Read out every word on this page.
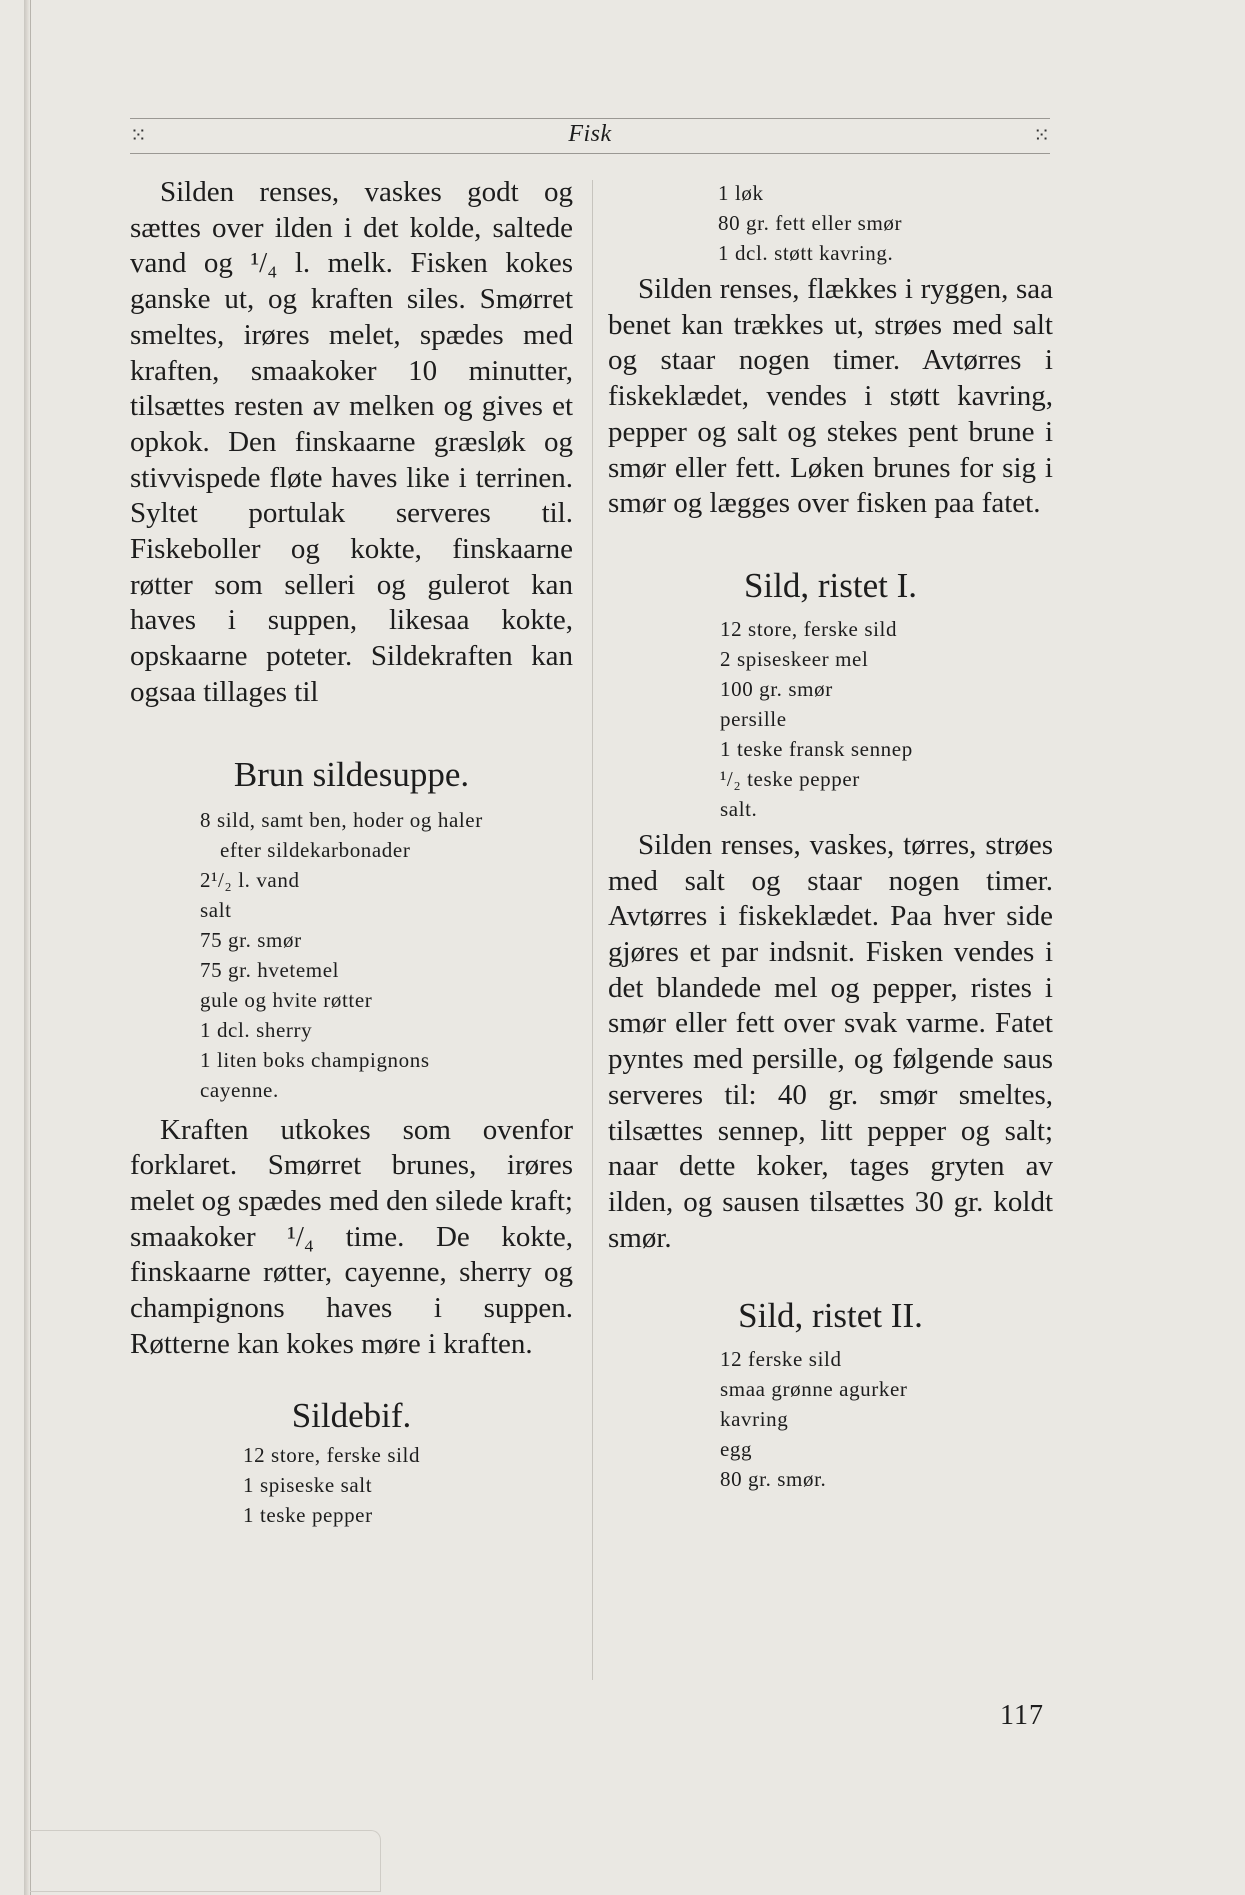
⁙	Fisk	⁙

Silden renses, vaskes godt og sættes over ilden i det kolde, saltede vand og ¹/₄ l. melk. Fisken kokes ganske ut, og kraften siles. Smørret smeltes, irøres melet, spædes med kraften, smaakoker 10 minutter, tilsættes resten av melken og gives et opkok. Den finskaarne græsløk og stivvispede fløte haves like i terrinen. Syltet portulak serveres til. Fiskeboller og kokte, finskaarne røtter som selleri og gulerot kan haves i suppen, likesaa kokte, opskaarne poteter. Sildekraften kan ogsaa tillages til

Brun sildesuppe.
8 sild, samt ben, hoder og haler
efter sildekarbonader
2¹/₂ l. vand
salt
75 gr. smør
75 gr. hvetemel
gule og hvite røtter
1 dcl. sherry
1 liten boks champignons
cayenne.

Kraften utkokes som ovenfor forklaret. Smørret brunes, irøres melet og spædes med den silede kraft; smaakoker ¹/₄ time. De kokte, finskaarne røtter, cayenne, sherry og champignons haves i suppen. Røtterne kan kokes møre i kraften.

Sildebif.
12 store, ferske sild
1 spiseske salt
1 teske pepper
1 løk
80 gr. fett eller smør
1 dcl. støtt kavring.

Silden renses, flækkes i ryggen, saa benet kan trækkes ut, strøes med salt og staar nogen timer. Avtørres i fiskeklædet, vendes i støtt kavring, pepper og salt og stekes pent brune i smør eller fett. Løken brunes for sig i smør og lægges over fisken paa fatet.

Sild, ristet I.
12 store, ferske sild
2 spiseskeer mel
100 gr. smør
persille
1 teske fransk sennep
¹/₂ teske pepper
salt.

Silden renses, vaskes, tørres, strøes med salt og staar nogen timer. Avtørres i fiskeklædet. Paa hver side gjøres et par indsnit. Fisken vendes i det blandede mel og pepper, ristes i smør eller fett over svak varme. Fatet pyntes med persille, og følgende saus serveres til: 40 gr. smør smeltes, tilsættes sennep, litt pepper og salt; naar dette koker, tages gryten av ilden, og sausen tilsættes 30 gr. koldt smør.

Sild, ristet II.
12 ferske sild
smaa grønne agurker
kavring
egg
80 gr. smør.
117
